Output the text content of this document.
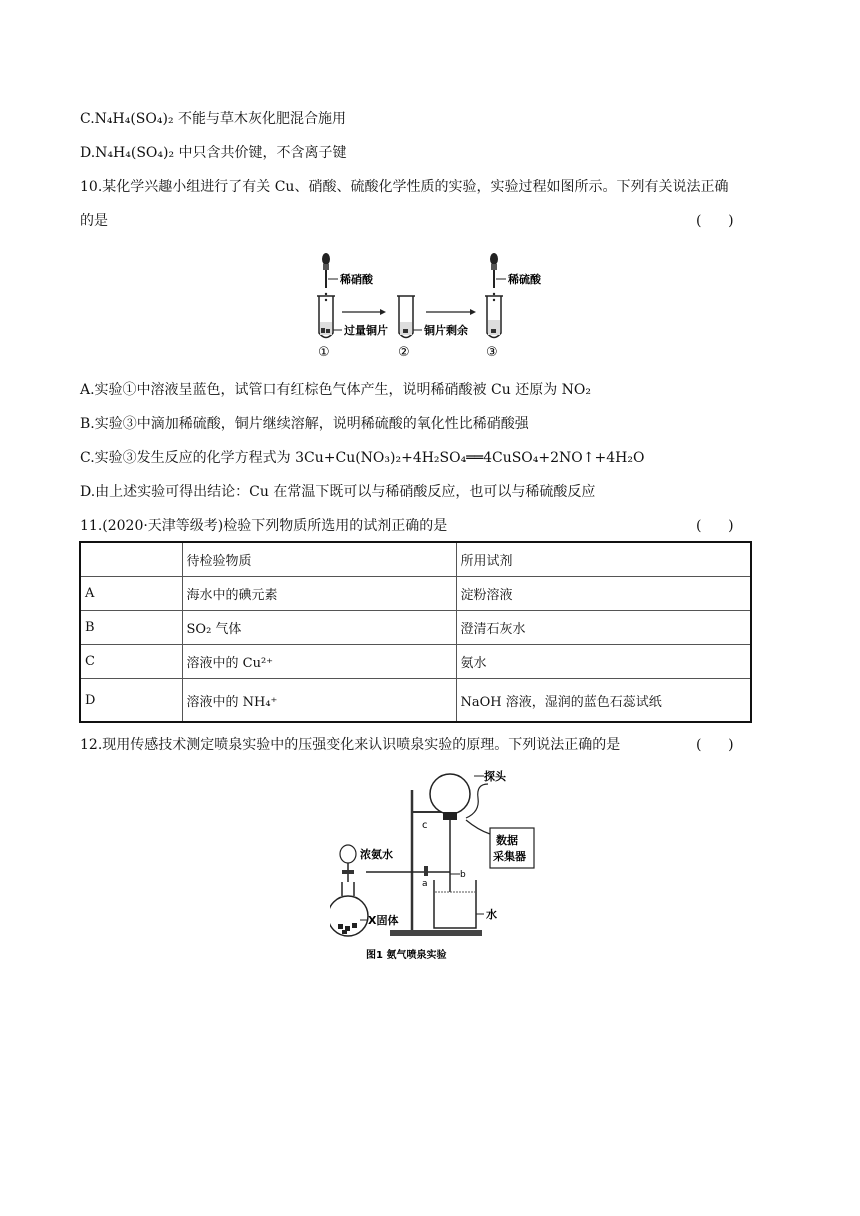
C.N₄H₄(SO₄)₂ 不能与草木灰化肥混合施用
D.N₄H₄(SO₄)₂ 中只含共价键，不含离子键
10.某化学兴趣小组进行了有关 Cu、硝酸、硫酸化学性质的实验，实验过程如图所示。下列有关说法正确
的是	(      )
稀硝酸
过量铜片
①
铜片剩余
②
稀硫酸
③
A.实验①中溶液呈蓝色，试管口有红棕色气体产生，说明稀硝酸被 Cu 还原为 NO₂
B.实验③中滴加稀硫酸，铜片继续溶解，说明稀硫酸的氧化性比稀硝酸强
C.实验③发生反应的化学方程式为 3Cu+Cu(NO₃)₂+4H₂SO₄══4CuSO₄+2NO↑+4H₂O
D.由上述实验可得出结论：Cu 在常温下既可以与稀硝酸反应，也可以与稀硫酸反应
11.(2020·天津等级考)检验下列物质所选用的试剂正确的是	(      )
	待检验物质	所用试剂
A	海水中的碘元素	淀粉溶液
B	SO₂ 气体	澄清石灰水
C	溶液中的 Cu²⁺	氨水
D	溶液中的 NH₄⁺	NaOH 溶液，湿润的蓝色石蕊试纸
12.现用传感技术测定喷泉实验中的压强变化来认识喷泉实验的原理。下列说法正确的是	(      )
探头
c
数据
采集器
b
水
a
浓氨水
X固体
图1 氨气喷泉实验
